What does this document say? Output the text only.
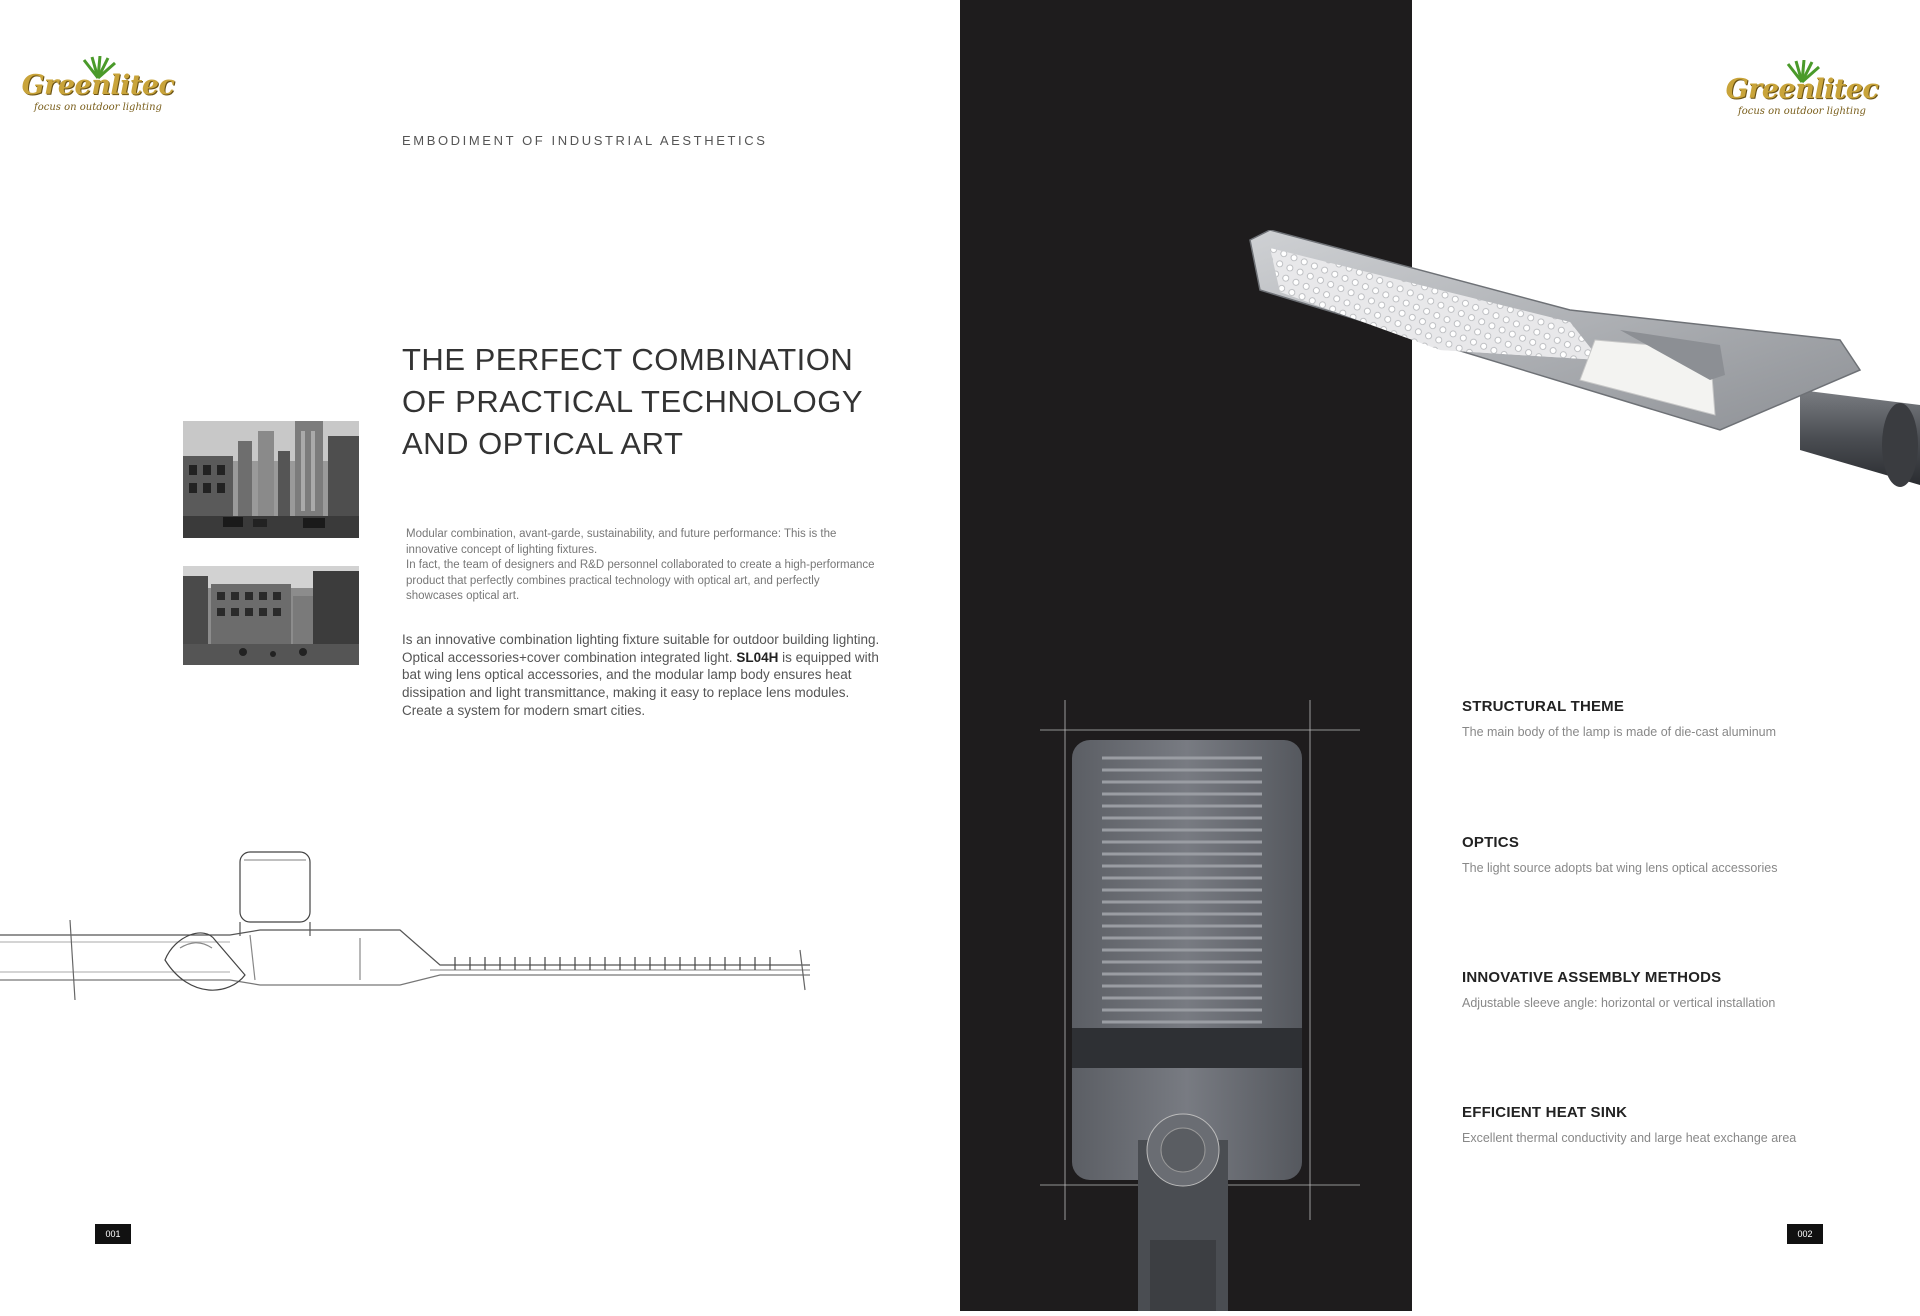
Greenlitec
focus on outdoor lighting
EMBODIMENT OF INDUSTRIAL AESTHETICS
THE PERFECT COMBINATION
OF PRACTICAL TECHNOLOGY
AND OPTICAL ART

Modular combination, avant-garde, sustainability, and future performance: This is the innovative concept of lighting fixtures.

In fact, the team of designers and R&D personnel collaborated to create a high-performance product that perfectly combines practical technology with optical art, and perfectly showcases optical art.

Is an innovative combination lighting fixture suitable for outdoor building lighting. Optical accessories+cover combination integrated light. SL04H is equipped with bat wing lens optical accessories, and the modular lamp body ensures heat dissipation and light transmittance, making it easy to replace lens modules. Create a system for modern smart cities.

001
Greenlitec
focus on outdoor lighting
STRUCTURAL THEME

The main body of the lamp is made of die-cast aluminum

OPTICS

The light source adopts bat wing lens optical accessories

INNOVATIVE ASSEMBLY METHODS

Adjustable sleeve angle: horizontal or vertical installation

EFFICIENT HEAT SINK

Excellent thermal conductivity and large heat exchange area

002
